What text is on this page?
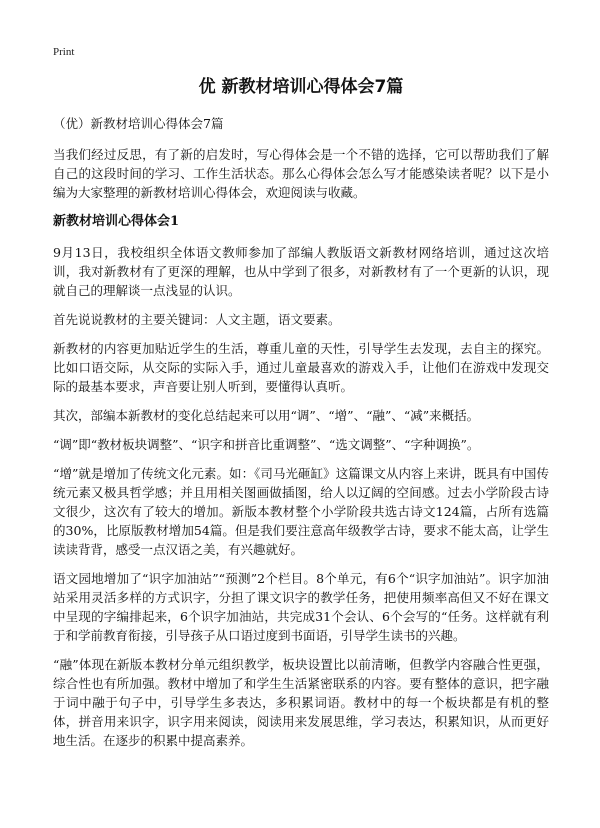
Print
优 新教材培训心得体会7篇

（优）新教材培训心得体会7篇

当我们经过反思，有了新的启发时，写心得体会是一个不错的选择，它可以帮助我们了解自己的这段时间的学习、工作生活状态。那么心得体会怎么写才能感染读者呢？以下是小编为大家整理的新教材培训心得体会，欢迎阅读与收藏。

新教材培训心得体会1

9月13日，我校组织全体语文教师参加了部编人教版语文新教材网络培训，通过这次培训，我对新教材有了更深的理解，也从中学到了很多，对新教材有了一个更新的认识，现就自己的理解谈一点浅显的认识。

首先说说教材的主要关键词：人文主题，语文要素。

新教材的内容更加贴近学生的生活，尊重儿童的天性，引导学生去发现，去自主的探究。比如口语交际，从交际的实际入手，通过儿童最喜欢的游戏入手，让他们在游戏中发现交际的最基本要求，声音要让别人听到，要懂得认真听。

其次，部编本新教材的变化总结起来可以用“调”、“增”、“融”、“减”来概括。

“调”即“教材板块调整”、“识字和拼音比重调整”、“选文调整”、“字种调换”。

“增”就是增加了传统文化元素。如：《司马光砸缸》这篇课文从内容上来讲，既具有中国传统元素又极具哲学感；并且用相关图画做插图，给人以辽阔的空间感。过去小学阶段古诗文很少，这次有了较大的增加。新版本教材整个小学阶段共选古诗文124篇，占所有选篇的30%，比原版教材增加54篇。但是我们要注意高年级教学古诗，要求不能太高，让学生读读背背，感受一点汉语之美，有兴趣就好。

语文园地增加了“识字加油站”“预测”2个栏目。8个单元，有6个“识字加油站”。识字加油站采用灵活多样的方式识字，分担了课文识字的教学任务，把使用频率高但又不好在课文中呈现的字编排起来，6个识字加油站，共完成31个会认、6个会写的“任务。这样就有利于和学前教育衔接，引导孩子从口语过度到书面语，引导学生读书的兴趣。

“融”体现在新版本教材分单元组织教学，板块设置比以前清晰，但教学内容融合性更强，综合性也有所加强。教材中增加了和学生生活紧密联系的内容。要有整体的意识，把字融于词中融于句子中，引导学生多表达，多积累词语。教材中的每一个板块都是有机的整体，拼音用来识字，识字用来阅读，阅读用来发展思维，学习表达，积累知识，从而更好地生活。在逐步的积累中提高素养。
